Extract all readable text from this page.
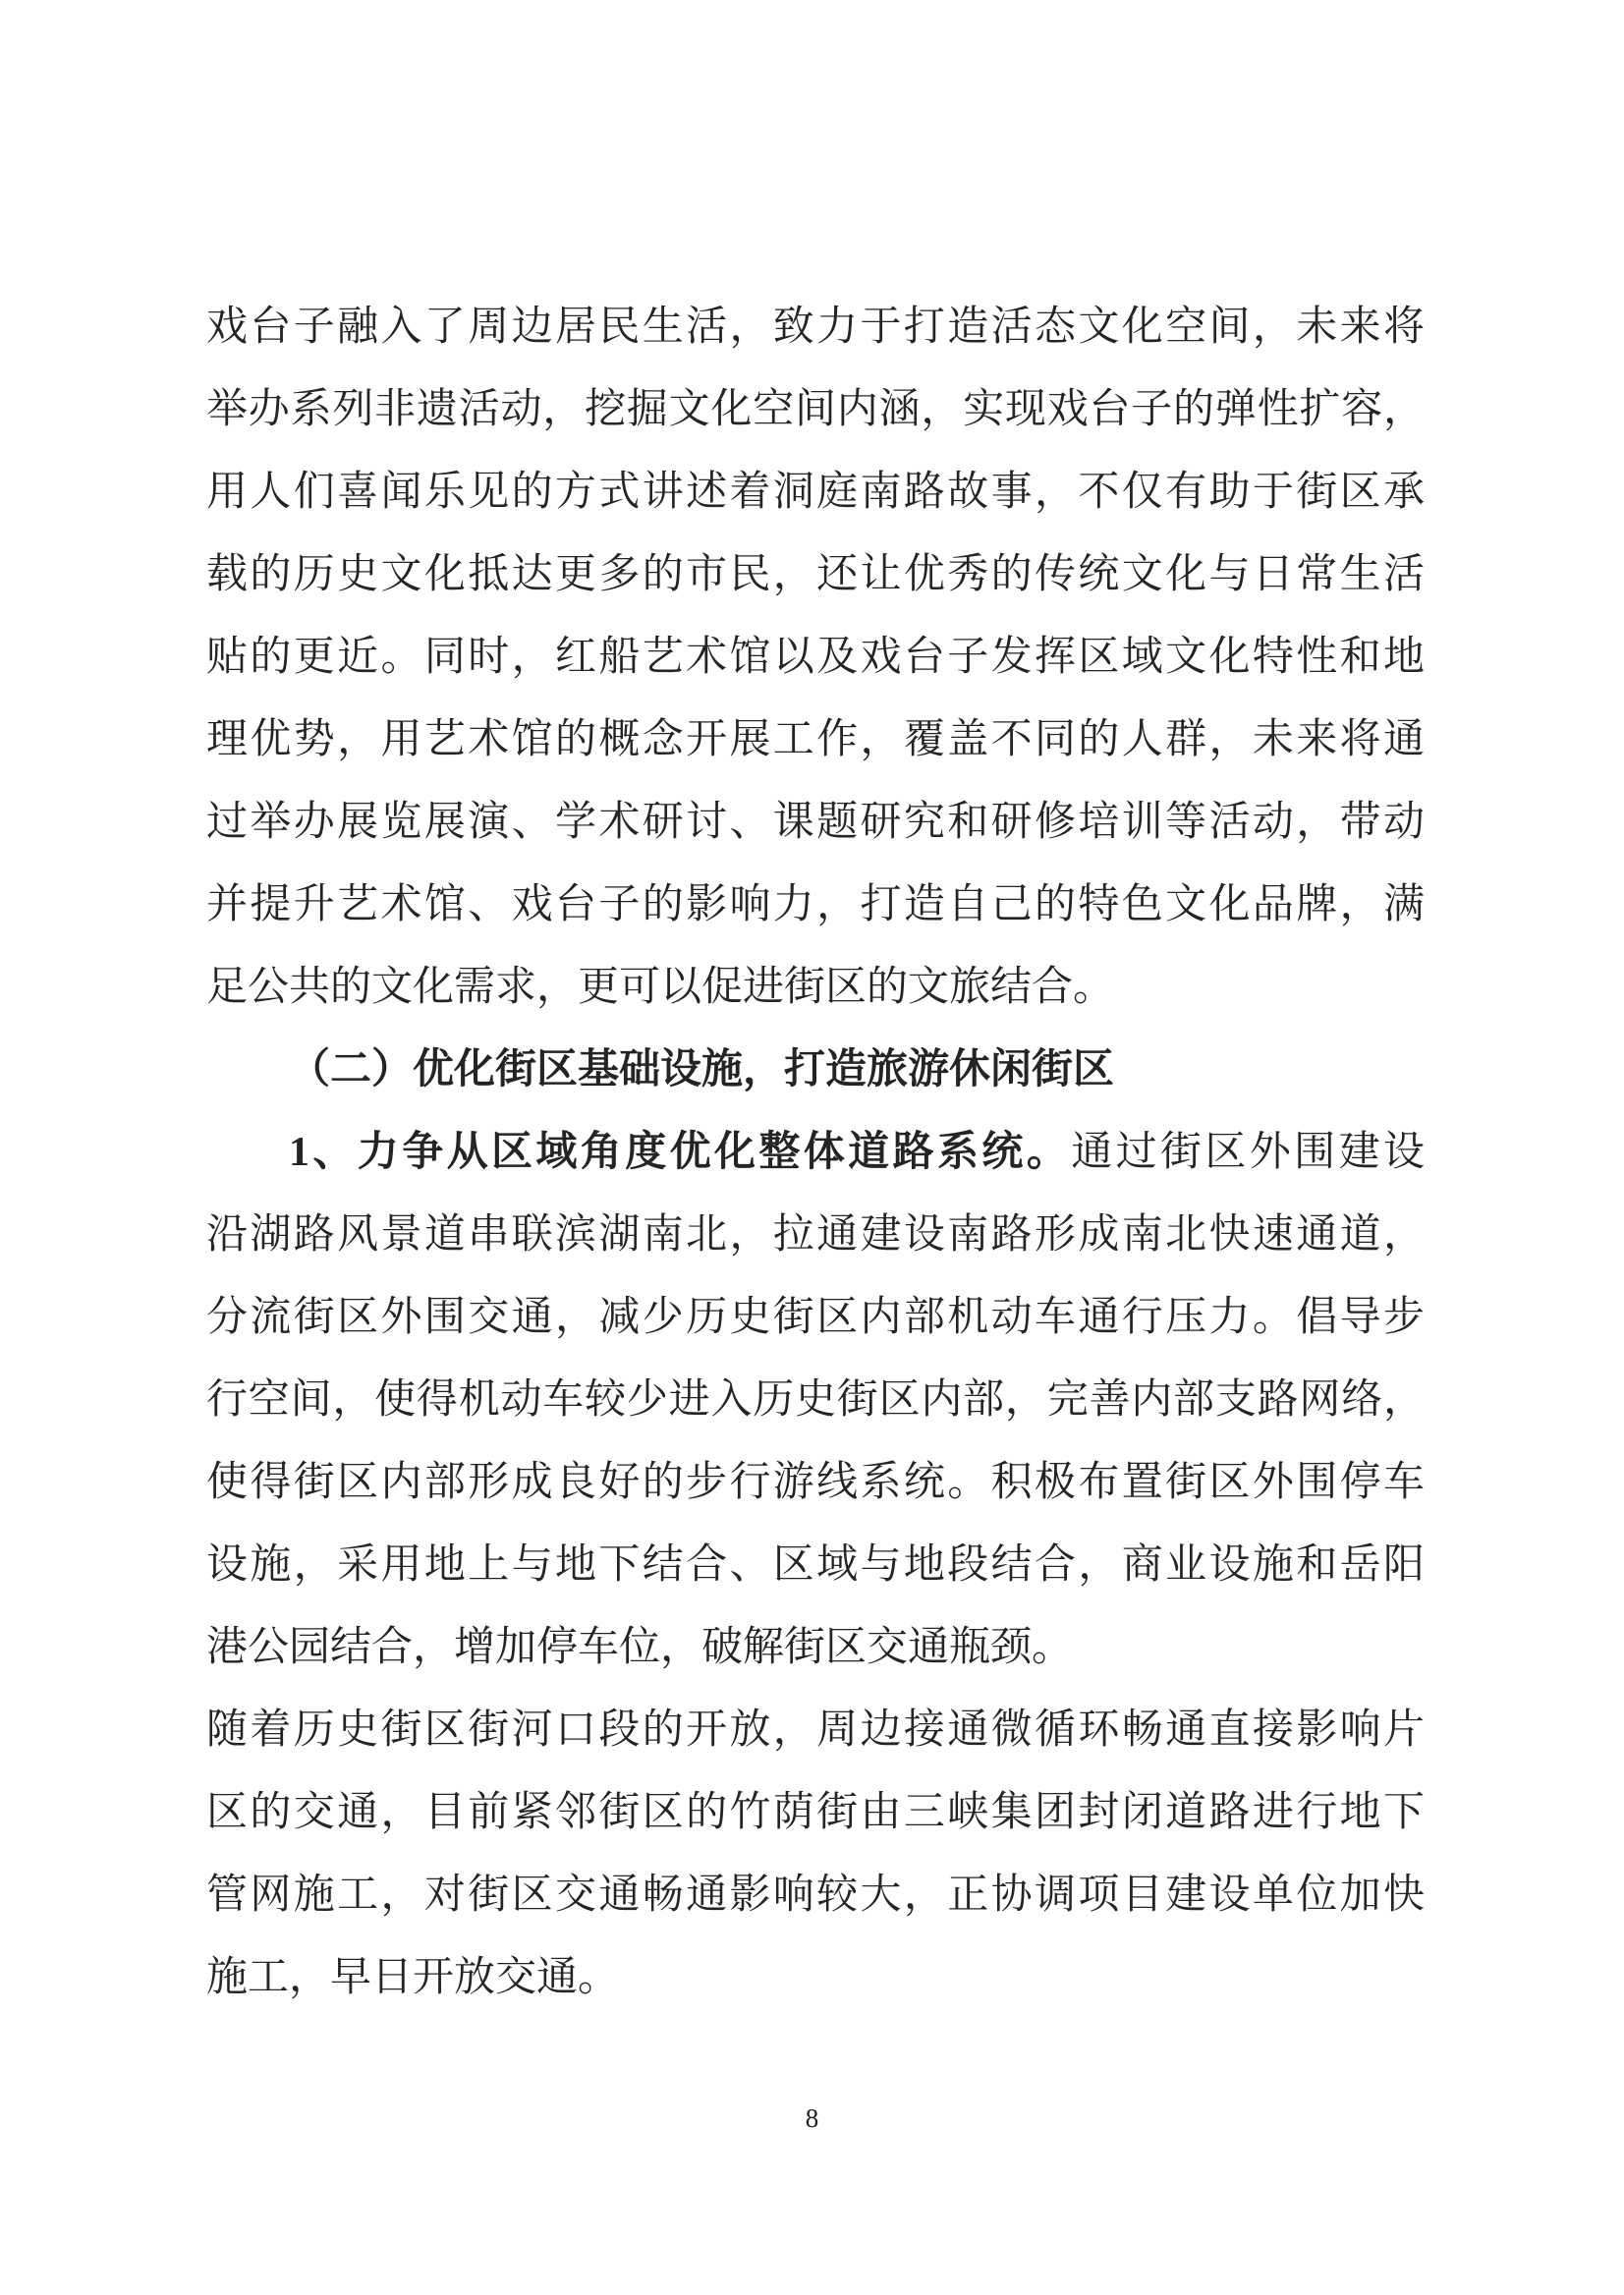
戏台子融入了周边居民生活，致力于打造活态文化空间，未来将
举办系列非遗活动，挖掘文化空间内涵，实现戏台子的弹性扩容，
用人们喜闻乐见的方式讲述着洞庭南路故事，不仅有助于街区承
载的历史文化抵达更多的市民，还让优秀的传统文化与日常生活
贴的更近。同时，红船艺术馆以及戏台子发挥区域文化特性和地
理优势，用艺术馆的概念开展工作，覆盖不同的人群，未来将通
过举办展览展演、学术研讨、课题研究和研修培训等活动，带动
并提升艺术馆、戏台子的影响力，打造自己的特色文化品牌，满
足公共的文化需求，更可以促进街区的文旅结合。
（二）优化街区基础设施，打造旅游休闲街区
1、力争从区域角度优化整体道路系统。通过街区外围建设
沿湖路风景道串联滨湖南北，拉通建设南路形成南北快速通道，
分流街区外围交通，减少历史街区内部机动车通行压力。倡导步
行空间，使得机动车较少进入历史街区内部，完善内部支路网络，
使得街区内部形成良好的步行游线系统。积极布置街区外围停车
设施，采用地上与地下结合、区域与地段结合，商业设施和岳阳
港公园结合，增加停车位，破解街区交通瓶颈。
随着历史街区街河口段的开放，周边接通微循环畅通直接影响片
区的交通，目前紧邻街区的竹荫街由三峡集团封闭道路进行地下
管网施工，对街区交通畅通影响较大，正协调项目建设单位加快
施工，早日开放交通。
8
